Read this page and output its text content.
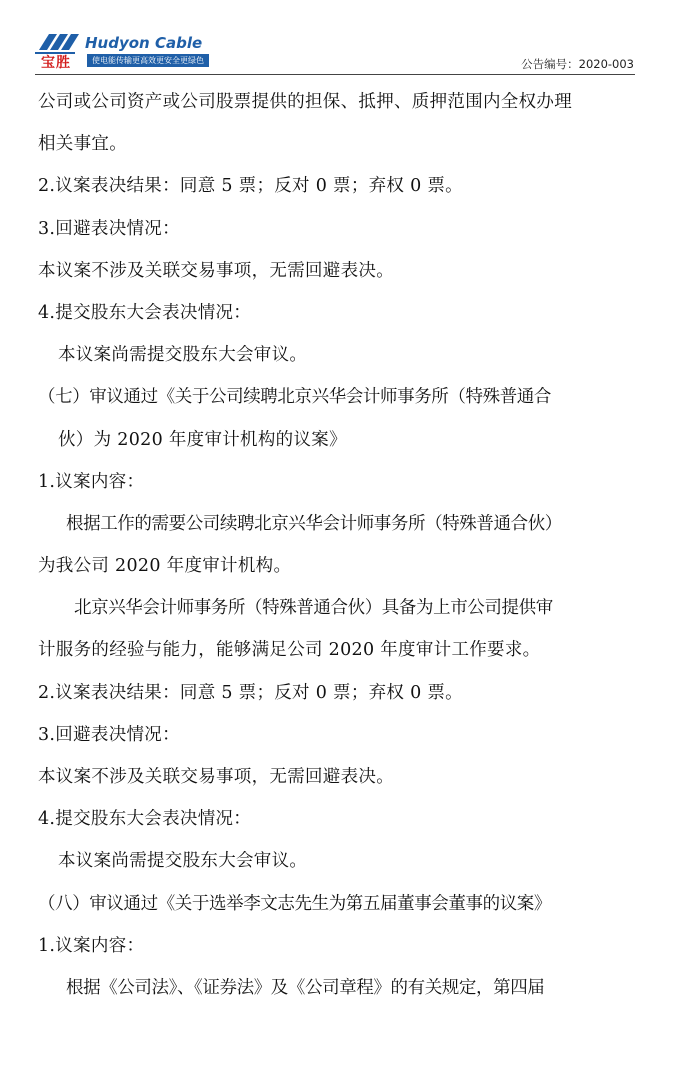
宝胜
Hudyon Cable
使电能传输更高效更安全更绿色	公告编号：2020-003
公司或公司资产或公司股票提供的担保、抵押、质押范围内全权办理
相关事宜。
2.议案表决结果：同意 5 票；反对 0 票；弃权 0 票。
3.回避表决情况：
本议案不涉及关联交易事项，无需回避表决。
4.提交股东大会表决情况：
本议案尚需提交股东大会审议。
（七）审议通过《关于公司续聘北京兴华会计师事务所（特殊普通合
伙）为 2020 年度审计机构的议案》
1.议案内容：
根据工作的需要公司续聘北京兴华会计师事务所（特殊普通合伙）
为我公司 2020 年度审计机构。
北京兴华会计师事务所（特殊普通合伙）具备为上市公司提供审
计服务的经验与能力，能够满足公司 2020 年度审计工作要求。
2.议案表决结果：同意 5 票；反对 0 票；弃权 0 票。
3.回避表决情况：
本议案不涉及关联交易事项，无需回避表决。
4.提交股东大会表决情况：
本议案尚需提交股东大会审议。
（八）审议通过《关于选举李文志先生为第五届董事会董事的议案》
1.议案内容：
根据《公司法》、《证券法》及《公司章程》的有关规定，第四届
